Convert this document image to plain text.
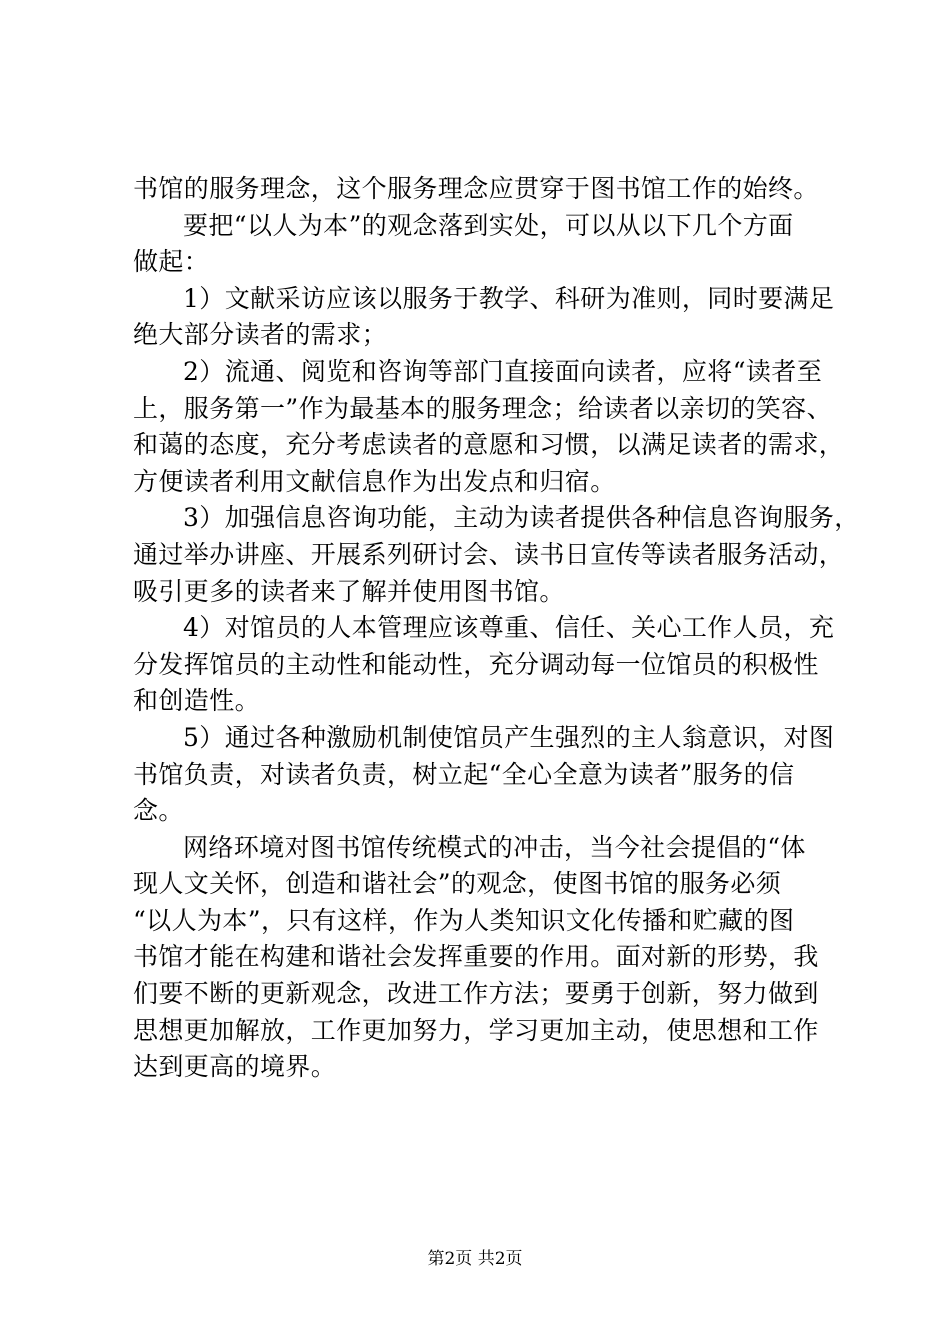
书馆的服务理念，这个服务理念应贯穿于图书馆工作的始终。
要把“以人为本”的观念落到实处，可以从以下几个方面
做起：
1）文献采访应该以服务于教学、科研为准则，同时要满足
绝大部分读者的需求；
2）流通、阅览和咨询等部门直接面向读者，应将“读者至
上，服务第一”作为最基本的服务理念；给读者以亲切的笑容、
和蔼的态度，充分考虑读者的意愿和习惯，以满足读者的需求，
方便读者利用文献信息作为出发点和归宿。
3）加强信息咨询功能，主动为读者提供各种信息咨询服务，
通过举办讲座、开展系列研讨会、读书日宣传等读者服务活动，
吸引更多的读者来了解并使用图书馆。
4）对馆员的人本管理应该尊重、信任、关心工作人员，充
分发挥馆员的主动性和能动性，充分调动每一位馆员的积极性
和创造性。
5）通过各种激励机制使馆员产生强烈的主人翁意识，对图
书馆负责，对读者负责，树立起“全心全意为读者”服务的信
念。
网络环境对图书馆传统模式的冲击，当今社会提倡的“体
现人文关怀，创造和谐社会”的观念，使图书馆的服务必须
“以人为本”，只有这样，作为人类知识文化传播和贮藏的图
书馆才能在构建和谐社会发挥重要的作用。面对新的形势，我
们要不断的更新观念，改进工作方法；要勇于创新，努力做到
思想更加解放，工作更加努力，学习更加主动，使思想和工作
达到更高的境界。
第2页 共2页
